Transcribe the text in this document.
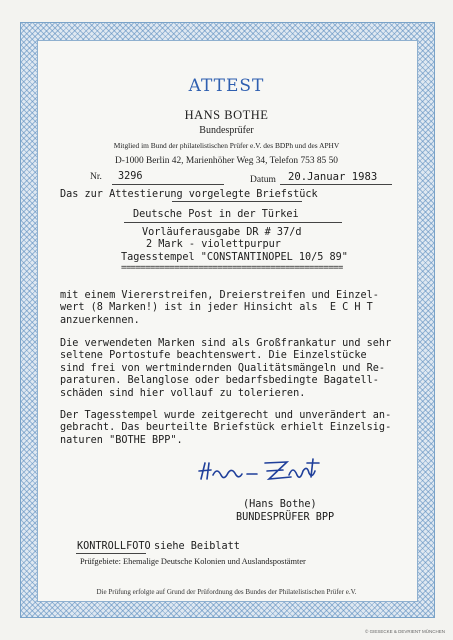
ATTEST
HANS BOTHE
Bundesprüfer
Mitglied im Bund der philatelistischen Prüfer e.V. des BDPh und des APHV
D-1000 Berlin 42, Marienhöher Weg 34, Telefon 753 85 50
Nr. 3296	Datum 20.Januar 1983
Das zur Attestierung vorgelegte Briefstück
Deutsche Post in der Türkei
Vorläuferausgabe DR # 37/d
2 Mark - violettpurpur
Tagesstempel "CONSTANTINOPEL 10/5 89"
==============================================
mit einem Viererstreifen, Dreierstreifen und Einzel-
wert (8 Marken!) ist in jeder Hinsicht als  E C H T
anzuerkennen.
Die verwendeten Marken sind als Großfrankatur und sehr
seltene Portostufe beachtenswert. Die Einzelstücke
sind frei von wertmindernden Qualitätsmängeln und Re-
paraturen. Belanglose oder bedarfsbedingte Bagatell-
schäden sind hier vollauf zu tolerieren.
Der Tagesstempel wurde zeitgerecht und unverändert an-
gebracht. Das beurteilte Briefstück erhielt Einzelsig-
naturen "BOTHE BPP".
(Hans Bothe)
BUNDESPRÜFER BPP
KONTROLLFOTO siehe Beiblatt
Prüfgebiete: Ehemalige Deutsche Kolonien und Auslandspostämter
Die Prüfung erfolgte auf Grund der Prüfordnung des Bundes der Philatelistischen Prüfer e.V.
© GIESECKE & DEVRIENT MÜNCHEN
